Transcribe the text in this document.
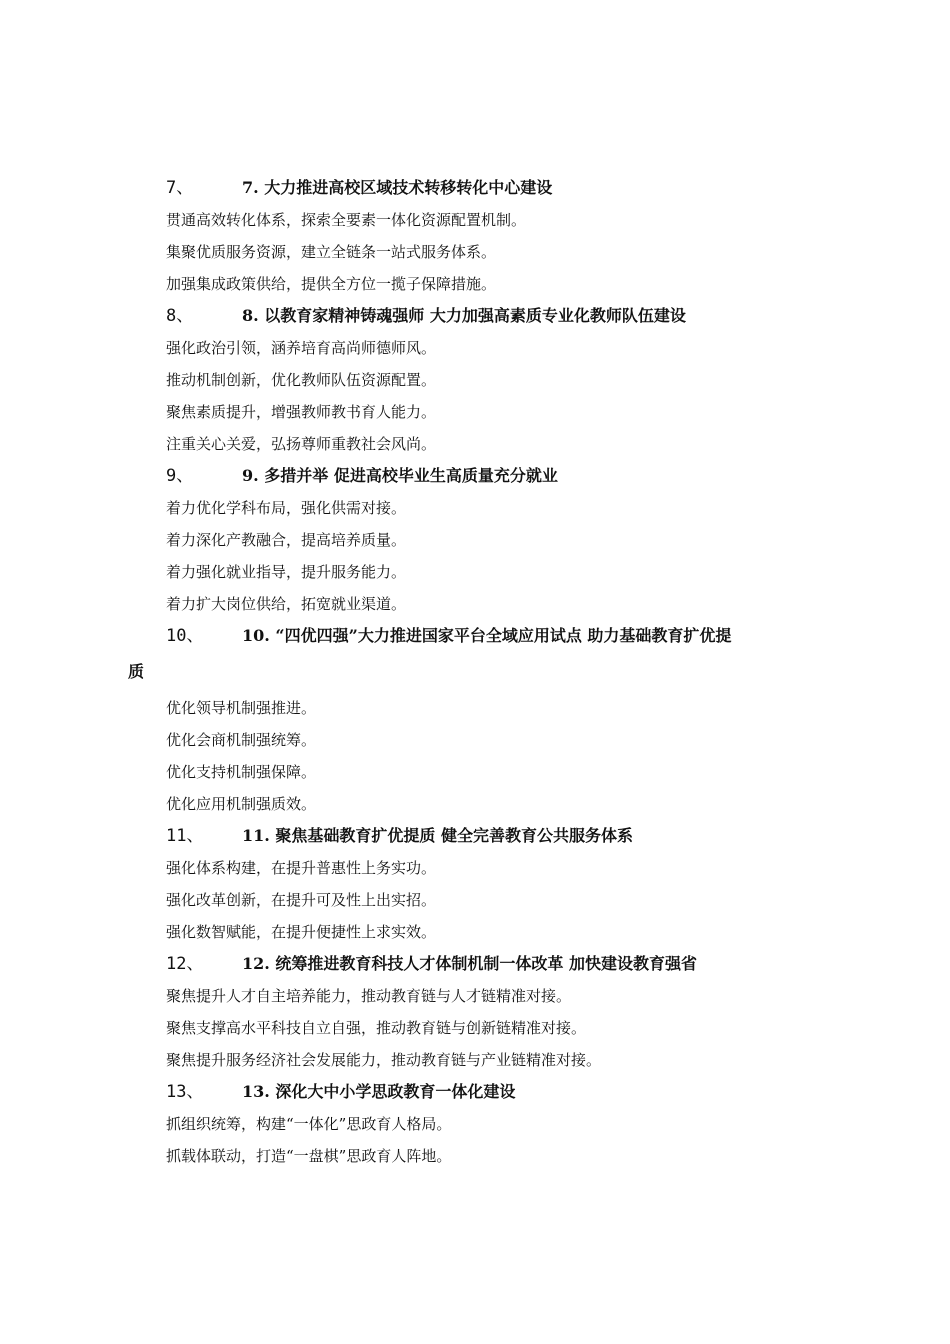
7、	7. 大力推进高校区域技术转移转化中心建设
贯通高效转化体系，探索全要素一体化资源配置机制。
集聚优质服务资源，建立全链条一站式服务体系。
加强集成政策供给，提供全方位一揽子保障措施。
8、	8. 以教育家精神铸魂强师 大力加强高素质专业化教师队伍建设
强化政治引领，涵养培育高尚师德师风。
推动机制创新，优化教师队伍资源配置。
聚焦素质提升，增强教师教书育人能力。
注重关心关爱，弘扬尊师重教社会风尚。
9、	9. 多措并举 促进高校毕业生高质量充分就业
着力优化学科布局，强化供需对接。
着力深化产教融合，提高培养质量。
着力强化就业指导，提升服务能力。
着力扩大岗位供给，拓宽就业渠道。
10、	10. “四优四强”大力推进国家平台全域应用试点 助力基础教育扩优提
质
优化领导机制强推进。
优化会商机制强统筹。
优化支持机制强保障。
优化应用机制强质效。
11、	11. 聚焦基础教育扩优提质 健全完善教育公共服务体系
强化体系构建，在提升普惠性上务实功。
强化改革创新，在提升可及性上出实招。
强化数智赋能，在提升便捷性上求实效。
12、	12. 统筹推进教育科技人才体制机制一体改革 加快建设教育强省
聚焦提升人才自主培养能力，推动教育链与人才链精准对接。
聚焦支撑高水平科技自立自强，推动教育链与创新链精准对接。
聚焦提升服务经济社会发展能力，推动教育链与产业链精准对接。
13、	13. 深化大中小学思政教育一体化建设
抓组织统筹，构建“一体化”思政育人格局。
抓载体联动，打造“一盘棋”思政育人阵地。
